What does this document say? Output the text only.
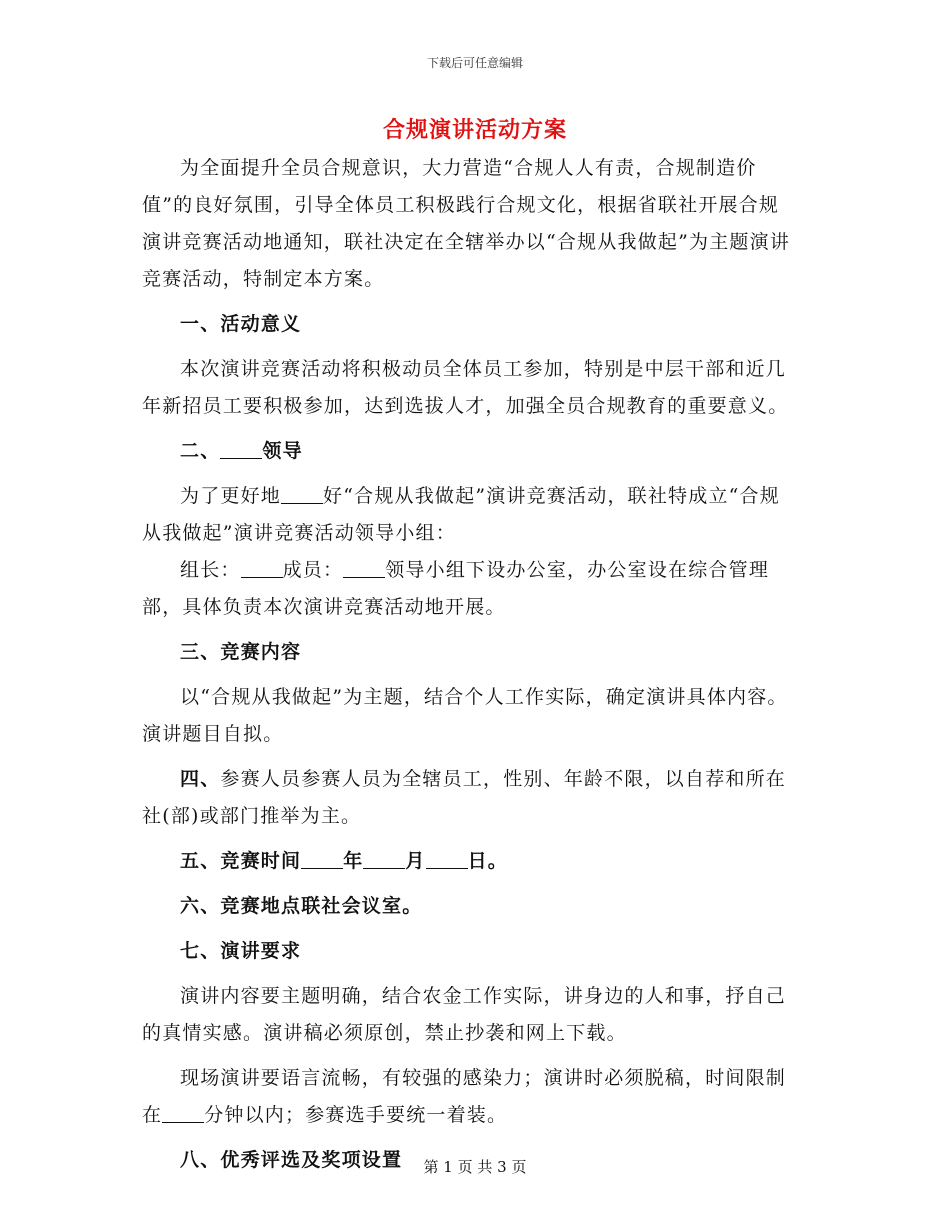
下载后可任意编辑
合规演讲活动方案

为全面提升全员合规意识，大力营造“合规人人有责，合规制造价值”的良好氛围，引导全体员工积极践行合规文化，根据省联社开展合规演讲竞赛活动地通知，联社决定在全辖举办以“合规从我做起”为主题演讲竞赛活动，特制定本方案。

一、活动意义

本次演讲竞赛活动将积极动员全体员工参加，特别是中层干部和近几年新招员工要积极参加，达到选拔人才，加强全员合规教育的重要意义。

二、 领导

为了更好地 好“合规从我做起”演讲竞赛活动，联社特成立“合规从我做起”演讲竞赛活动领导小组：

组长： 成员： 领导小组下设办公室，办公室设在综合管理部，具体负责本次演讲竞赛活动地开展。

三、竞赛内容

以“合规从我做起”为主题，结合个人工作实际，确定演讲具体内容。演讲题目自拟。

四、参赛人员参赛人员为全辖员工，性别、年龄不限，以自荐和所在社(部)或部门推举为主。

五、竞赛时间 年 月 日。

六、竞赛地点联社会议室。

七、演讲要求

演讲内容要主题明确，结合农金工作实际，讲身边的人和事，抒自己的真情实感。演讲稿必须原创，禁止抄袭和网上下载。

现场演讲要语言流畅，有较强的感染力；演讲时必须脱稿，时间限制在 分钟以内；参赛选手要统一着装。

八、优秀评选及奖项设置	第 1 页 共 3 页
